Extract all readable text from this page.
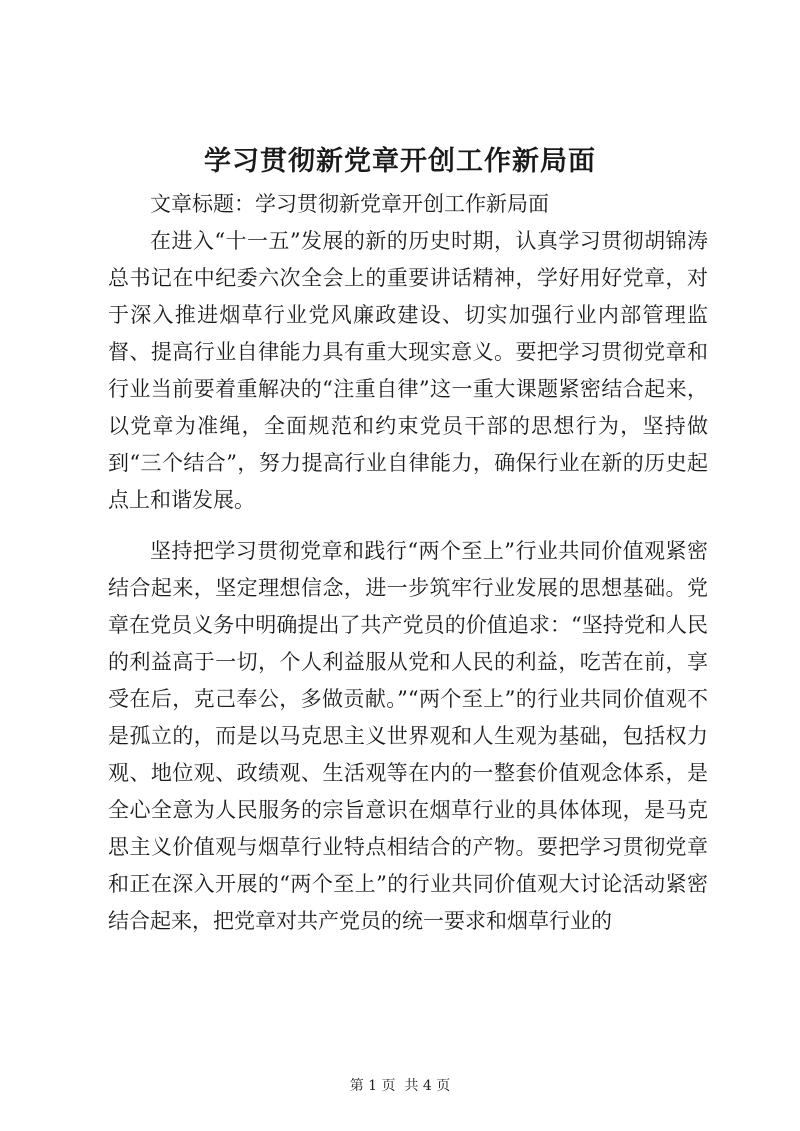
学习贯彻新党章开创工作新局面

文章标题：学习贯彻新党章开创工作新局面

在进入“十一五”发展的新的历史时期，认真学习贯彻胡锦涛总书记在中纪委六次全会上的重要讲话精神，学好用好党章，对于深入推进烟草行业党风廉政建设、切实加强行业内部管理监督、提高行业自律能力具有重大现实意义。要把学习贯彻党章和行业当前要着重解决的“注重自律”这一重大课题紧密结合起来，以党章为准绳，全面规范和约束党员干部的思想行为，坚持做到“三个结合”，努力提高行业自律能力，确保行业在新的历史起点上和谐发展。

坚持把学习贯彻党章和践行“两个至上”行业共同价值观紧密结合起来，坚定理想信念，进一步筑牢行业发展的思想基础。党章在党员义务中明确提出了共产党员的价值追求：“坚持党和人民的利益高于一切，个人利益服从党和人民的利益，吃苦在前，享受在后，克己奉公，多做贡献。”“两个至上”的行业共同价值观不是孤立的，而是以马克思主义世界观和人生观为基础，包括权力观、地位观、政绩观、生活观等在内的一整套价值观念体系，是全心全意为人民服务的宗旨意识在烟草行业的具体体现，是马克思主义价值观与烟草行业特点相结合的产物。要把学习贯彻党章和正在深入开展的“两个至上”的行业共同价值观大讨论活动紧密结合起来，把党章对共产党员的统一要求和烟草行业的

第 1 页  共 4 页
